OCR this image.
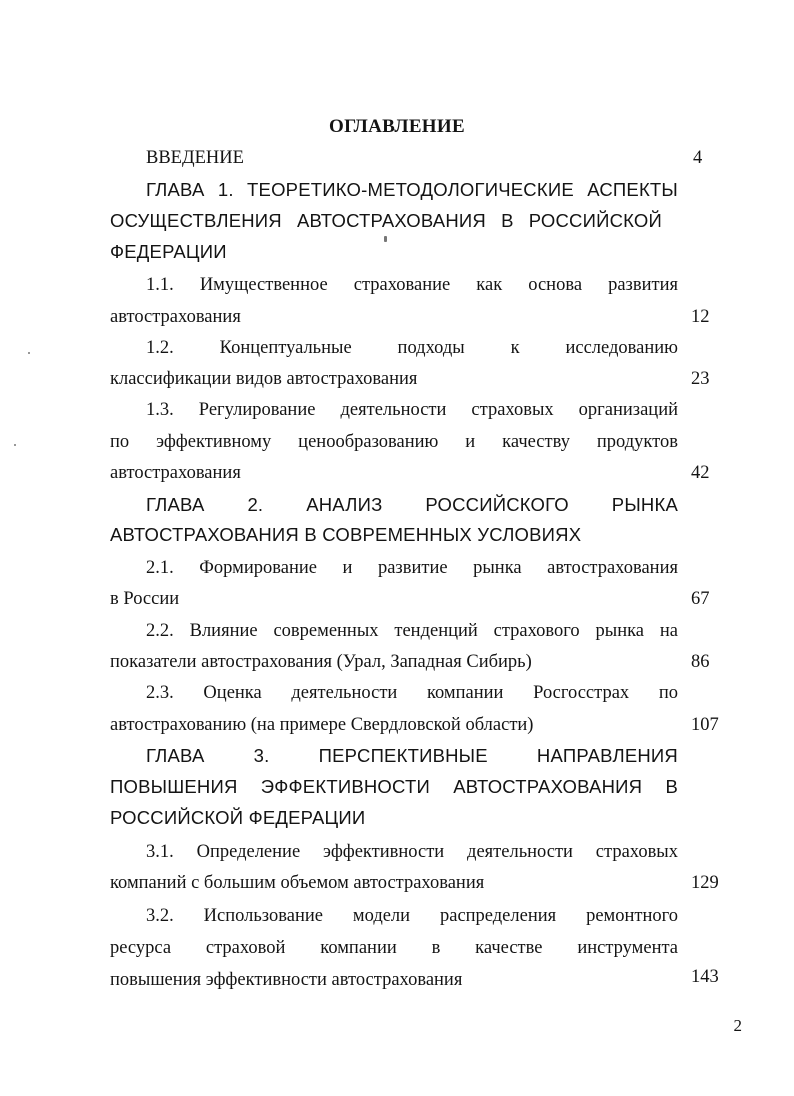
ОГЛАВЛЕНИЕ
ВВЕДЕНИЕ	4
ГЛАВА 1. ТЕОРЕТИКО-МЕТОДОЛОГИЧЕСКИЕ АСПЕКТЫ
ОСУЩЕСТВЛЕНИЯ АВТОСТРАХОВАНИЯ В РОССИЙСКОЙ
ФЕДЕРАЦИИ
1.1. Имущественное страхование как основа развития
автострахования	12
1.2. Концептуальные подходы к исследованию
классификации видов автострахования	23
1.3. Регулирование деятельности страховых организаций
по эффективному ценообразованию и качеству продуктов
автострахования	42
ГЛАВА 2. АНАЛИЗ РОССИЙСКОГО РЫНКА
АВТОСТРАХОВАНИЯ В СОВРЕМЕННЫХ УСЛОВИЯХ
2.1. Формирование и развитие рынка автострахования
в России	67
2.2. Влияние современных тенденций страхового рынка на
показатели автострахования (Урал, Западная Сибирь)	86
2.3. Оценка деятельности компании Росгосстрах по
автострахованию (на примере Свердловской области)	107
ГЛАВА 3. ПЕРСПЕКТИВНЫЕ НАПРАВЛЕНИЯ
ПОВЫШЕНИЯ ЭФФЕКТИВНОСТИ АВТОСТРАХОВАНИЯ В
РОССИЙСКОЙ ФЕДЕРАЦИИ
3.1. Определение эффективности деятельности страховых
компаний с большим объемом автострахования	129
3.2. Использование модели распределения ремонтного
ресурса страховой компании в качестве инструмента
повышения эффективности автострахования	143
2
